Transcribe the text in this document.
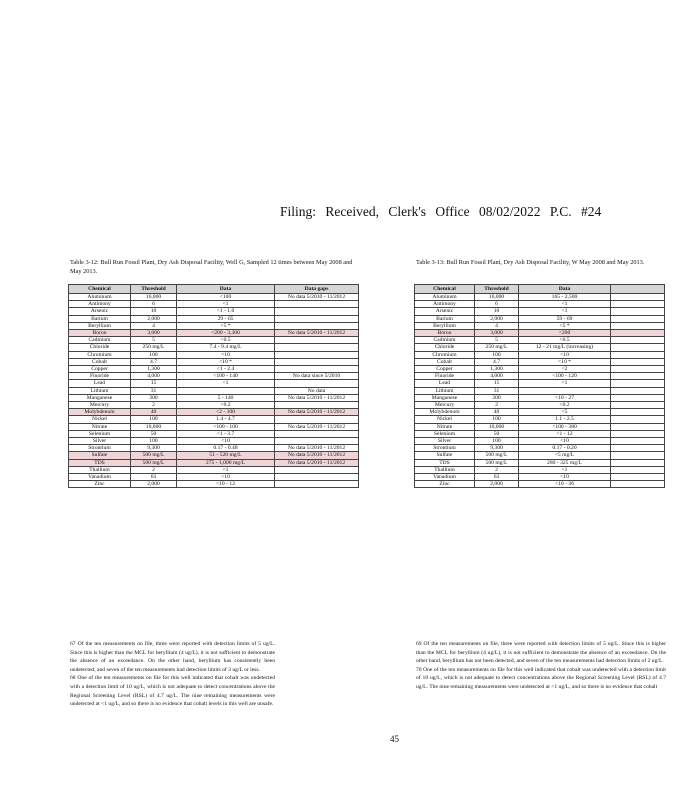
Filing: Received, Clerk's Office 08/02/2022 P.C. #24
Table 3-12: Bull Run Fossil Plant, Dry Ash Disposal Facility, Well G, Sampled 12 times between May 2008 and May 2013.
Chemical	Threshold	Data	Data gaps
Aluminum	16,000	<100	No data 5/2010 - 11/2012
Antimony	6	<1	
Arsenic	10	<1 - 1.0	
Barium	2,000	29 - 65	
Beryllium	4	<5 *	
Boron	3,000	<200 - 3,300	No data 5/2010 - 11/2012
Cadmium	5	<0.5	
Chloride	250 mg/L	7.4 - 9.4 mg/L	
Chromium	100	<10	
Cobalt	4.7	<10 *	
Copper	1,300	<1 - 2.4	
Fluoride	4,000	<100 - 140	No data since 5/2010
Lead	15	<1	
Lithium	31		No data
Manganese	300	5 - 140	No data 5/2010 - 11/2012
Mercury	2	<0.2	
Molybdenum	40	<2 - 100	No data 5/2010 - 11/2012
Nickel	100	1.4 - 4.7	
Nitrate	10,000	<100 - 100	No data 5/2010 - 11/2012
Selenium	50	<1 - 3.7	
Silver	100	<10	
Strontium	9,300	0.17 - 0.48	No data 5/2010 - 11/2012
Sulfate	500 mg/L	51 - 520 mg/L	No data 5/2010 - 11/2012
TDS	500 mg/L	275 - 1,000 mg/L	No data 5/2010 - 11/2012
Thallium	2	<1	
Vanadium	63	<10	
Zinc	2,000	<10 - 12	

67 Of the ten measurements on file, three were reported with detection limits of 5 ug/L. Since this is higher than the MCL for beryllium (4 ug/L), it is not sufficient to demonstrate the absence of an exceedance. On the other hand, beryllium has consistently been undetected, and seven of the ten measurements had detection limits of 3 ug/L or less.

68 One of the ten measurements on file for this well indicated that cobalt was undetected with a detection limit of 10 ug/L, which is not adequate to detect concentrations above the Regional Screening Level (RSL) of 4.7 ug/L. The nine remaining measurements were undetected at <1 ug/L, and so there is no evidence that cobalt levels in this well are unsafe.

Table 3-13: Bull Run Fossil Plant, Dry Ash Disposal Facility, W May 2008 and May 2013.
Chemical	Threshold	Data	
Aluminum	16,000	165 - 2,500	
Antimony	6	<1	
Arsenic	10	<1	
Barium	2,000	59 - 69	
Beryllium	4	<5 *	
Boron	3,000	<200	
Cadmium	5	<0.5	
Chloride	250 mg/L	12 - 21 mg/L (increasing)	
Chromium	100	<10	
Cobalt	4.7	<10 *	
Copper	1,300	<2	
Fluoride	4,000	<100 - 120	
Lead	15	<1	
Lithium	31		
Manganese	300	<10 - 27	
Mercury	2	<0.2	
Molybdenum	40	<5	
Nickel	100	1.1 - 2.5	
Nitrate	10,000	<100 - 380	
Selenium	50	<1 - 12	
Silver	100	<10	
Strontium	9,300	0.17 - 0.20	
Sulfate	500 mg/L	<5 mg/L	
TDS	500 mg/L	280 - 325 mg/L	
Thallium	2	<1	
Vanadium	63	<10	
Zinc	2,000	<10 - 36	

69 Of the ten measurements on file, three were reported with detection limits of 5 ug/L. Since this is higher than the MCL for beryllium (4 ug/L), it is not sufficient to demonstrate the absence of an exceedance. On the other hand, beryllium has not been detected, and seven of the ten measurements had detection limits of 2 ug/L.

70 One of the ten measurements on file for this well indicated that cobalt was undetected with a detection limit of 10 ug/L, which is not adequate to detect concentrations above the Regional Screening Level (RSL) of 4.7 ug/L. The nine remaining measurements were undetected at <1 ug/L, and so there is no evidence that cobalt

45
